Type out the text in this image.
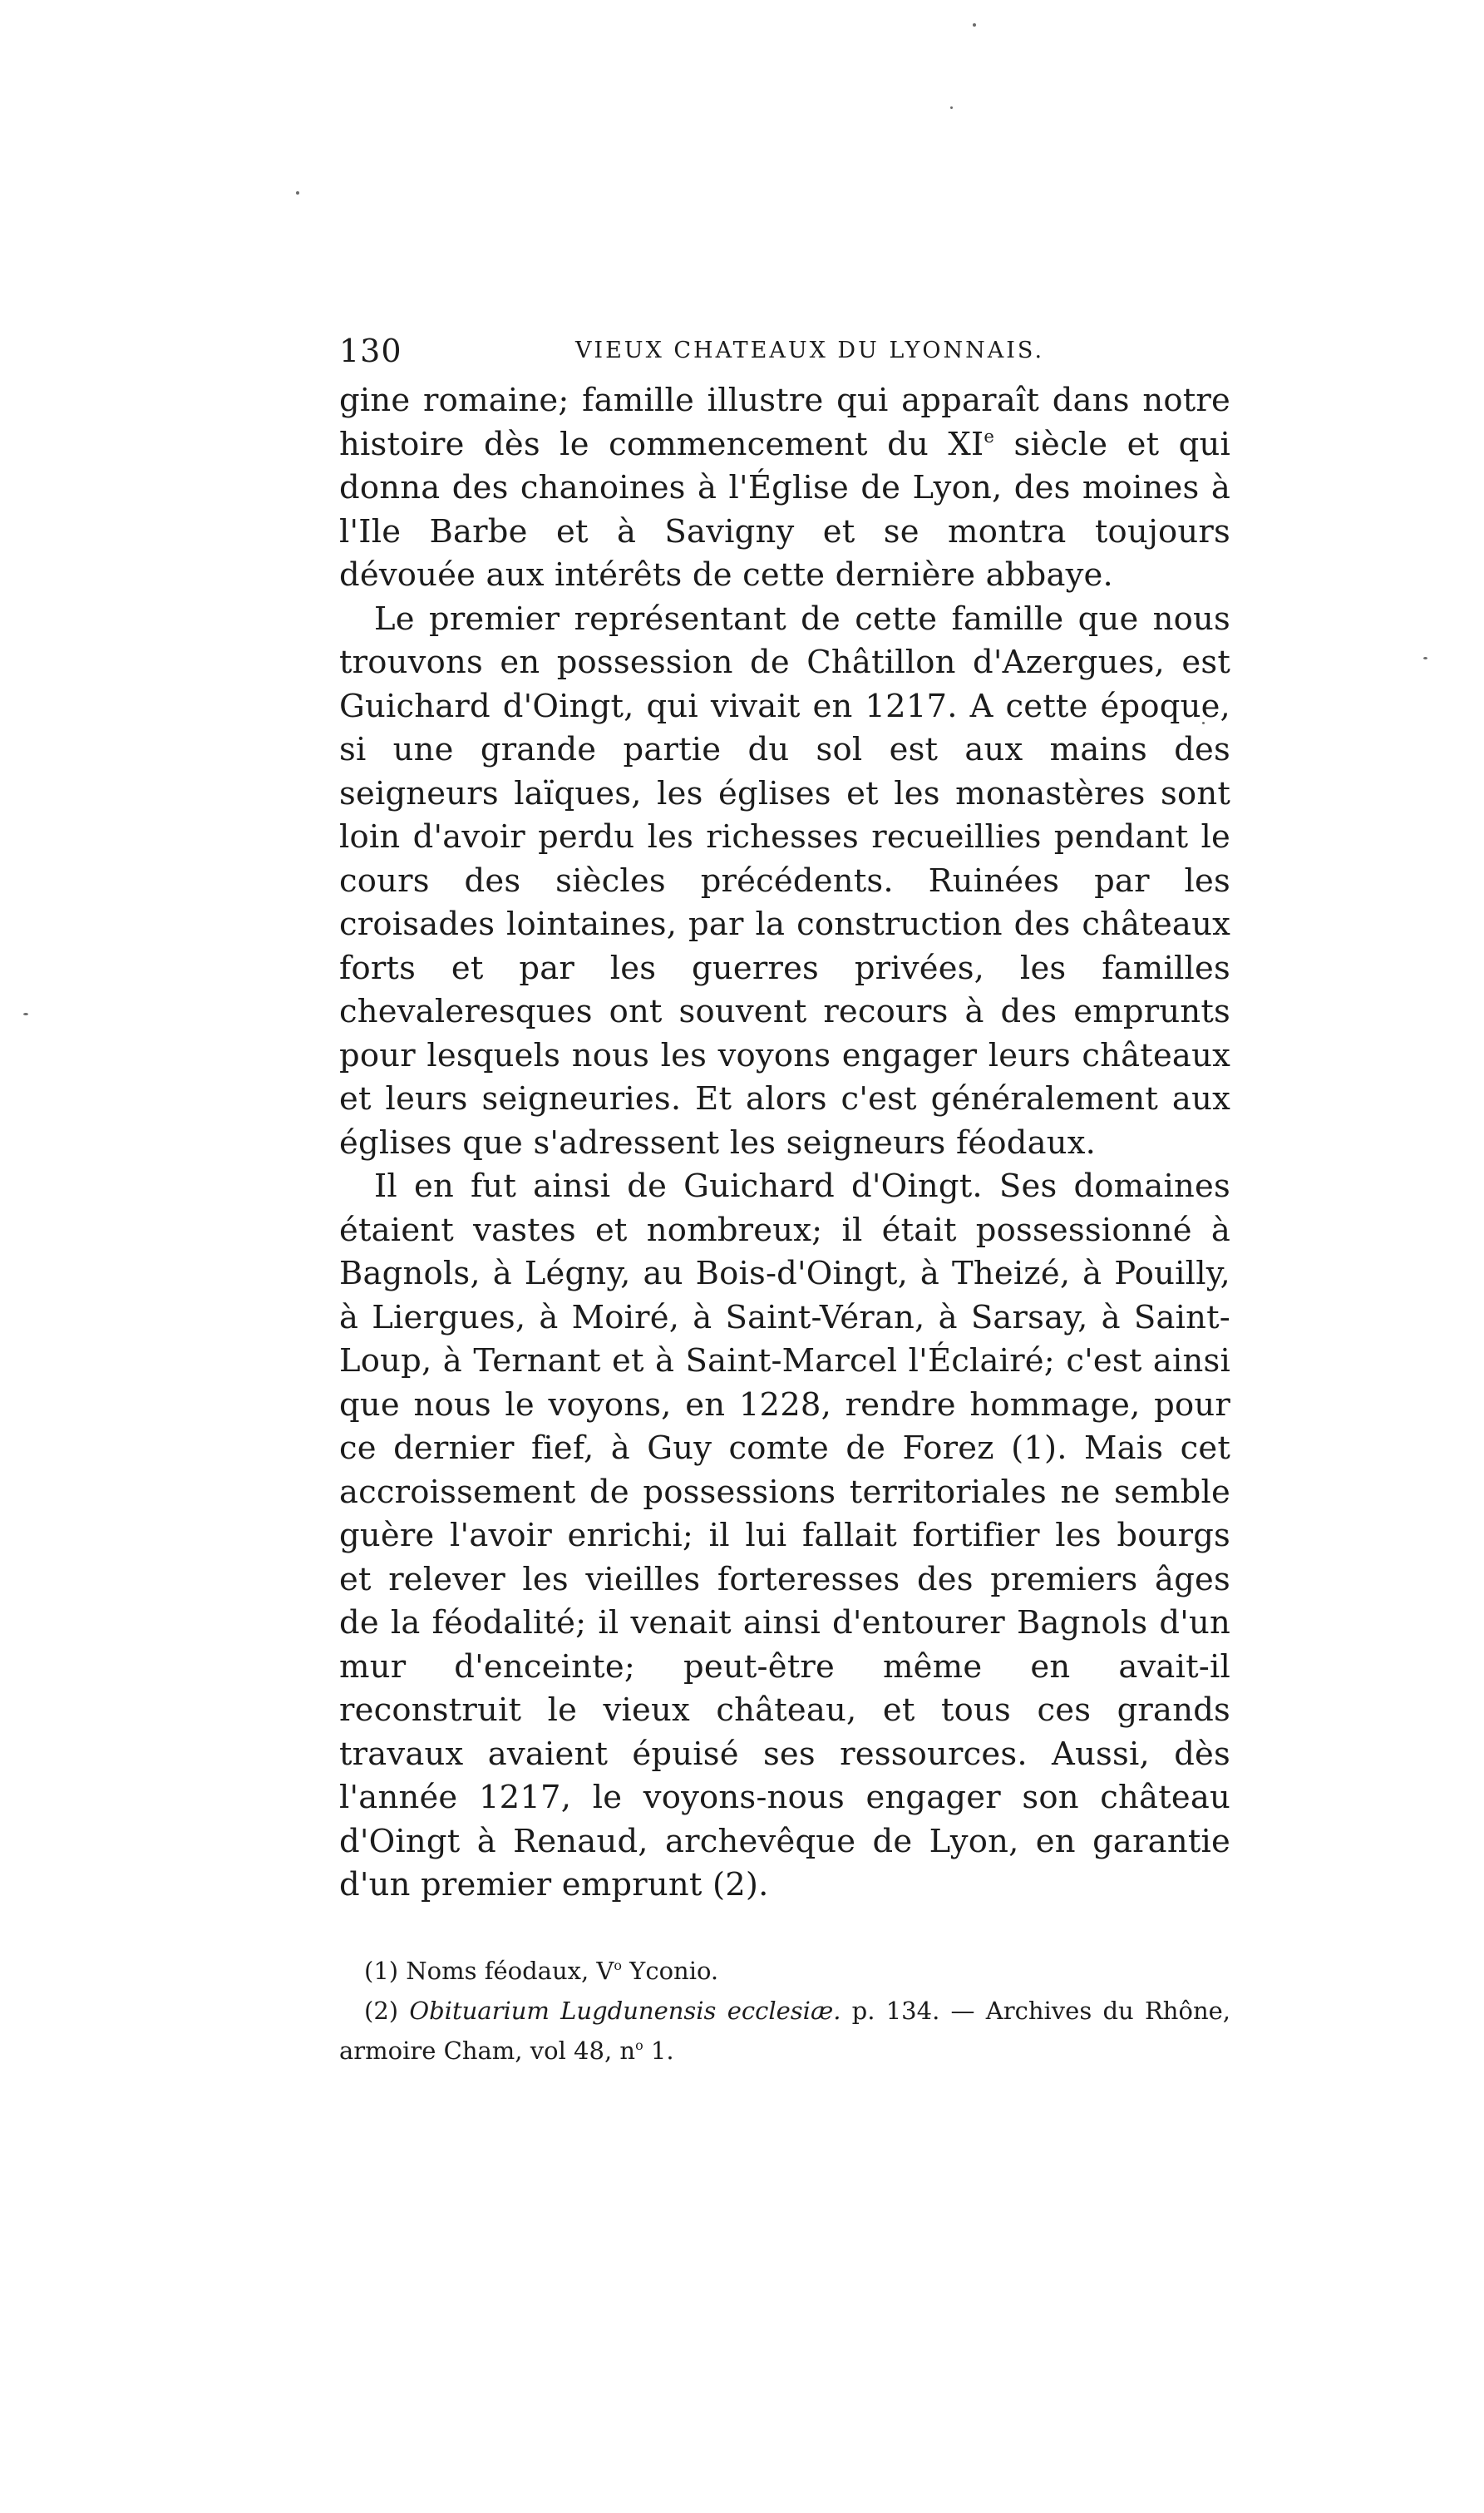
130	VIEUX CHATEAUX DU LYONNAIS.

gine romaine; famille illustre qui apparaît dans notre histoire dès le commencement du XIe siècle et qui donna des chanoines à l'Église de Lyon, des moines à l'Ile Barbe et à Savigny et se montra toujours dévouée aux intérêts de cette dernière abbaye.

Le premier représentant de cette famille que nous trouvons en possession de Châtillon d'Azergues, est Guichard d'Oingt, qui vivait en 1217. A cette époque, si une grande partie du sol est aux mains des seigneurs laïques, les églises et les monastères sont loin d'avoir perdu les richesses recueillies pendant le cours des siècles précédents. Ruinées par les croisades lointaines, par la construction des châteaux forts et par les guerres privées, les familles chevaleresques ont souvent recours à des emprunts pour lesquels nous les voyons engager leurs châteaux et leurs seigneuries. Et alors c'est généralement aux églises que s'adressent les seigneurs féodaux.

Il en fut ainsi de Guichard d'Oingt. Ses domaines étaient vastes et nombreux; il était possessionné à Bagnols, à Légny, au Bois-d'Oingt, à Theizé, à Pouilly, à Liergues, à Moiré, à Saint-Véran, à Sarsay, à Saint-Loup, à Ternant et à Saint-Marcel l'Éclairé; c'est ainsi que nous le voyons, en 1228, rendre hommage, pour ce dernier fief, à Guy comte de Forez (1). Mais cet accroissement de possessions territoriales ne semble guère l'avoir enrichi; il lui fallait fortifier les bourgs et relever les vieilles forteresses des premiers âges de la féodalité; il venait ainsi d'entourer Bagnols d'un mur d'enceinte; peut-être même en avait-il reconstruit le vieux château, et tous ces grands travaux avaient épuisé ses ressources. Aussi, dès l'année 1217, le voyons-nous engager son château d'Oingt à Renaud, archevêque de Lyon, en garantie d'un premier emprunt (2).

(1) Noms féodaux, $V^o$ Yconio.

(2) Obituarium Lugdunensis ecclesiæ. p. 134. — Archives du Rhône, armoire Cham, vol 48, $n^o$ 1.
